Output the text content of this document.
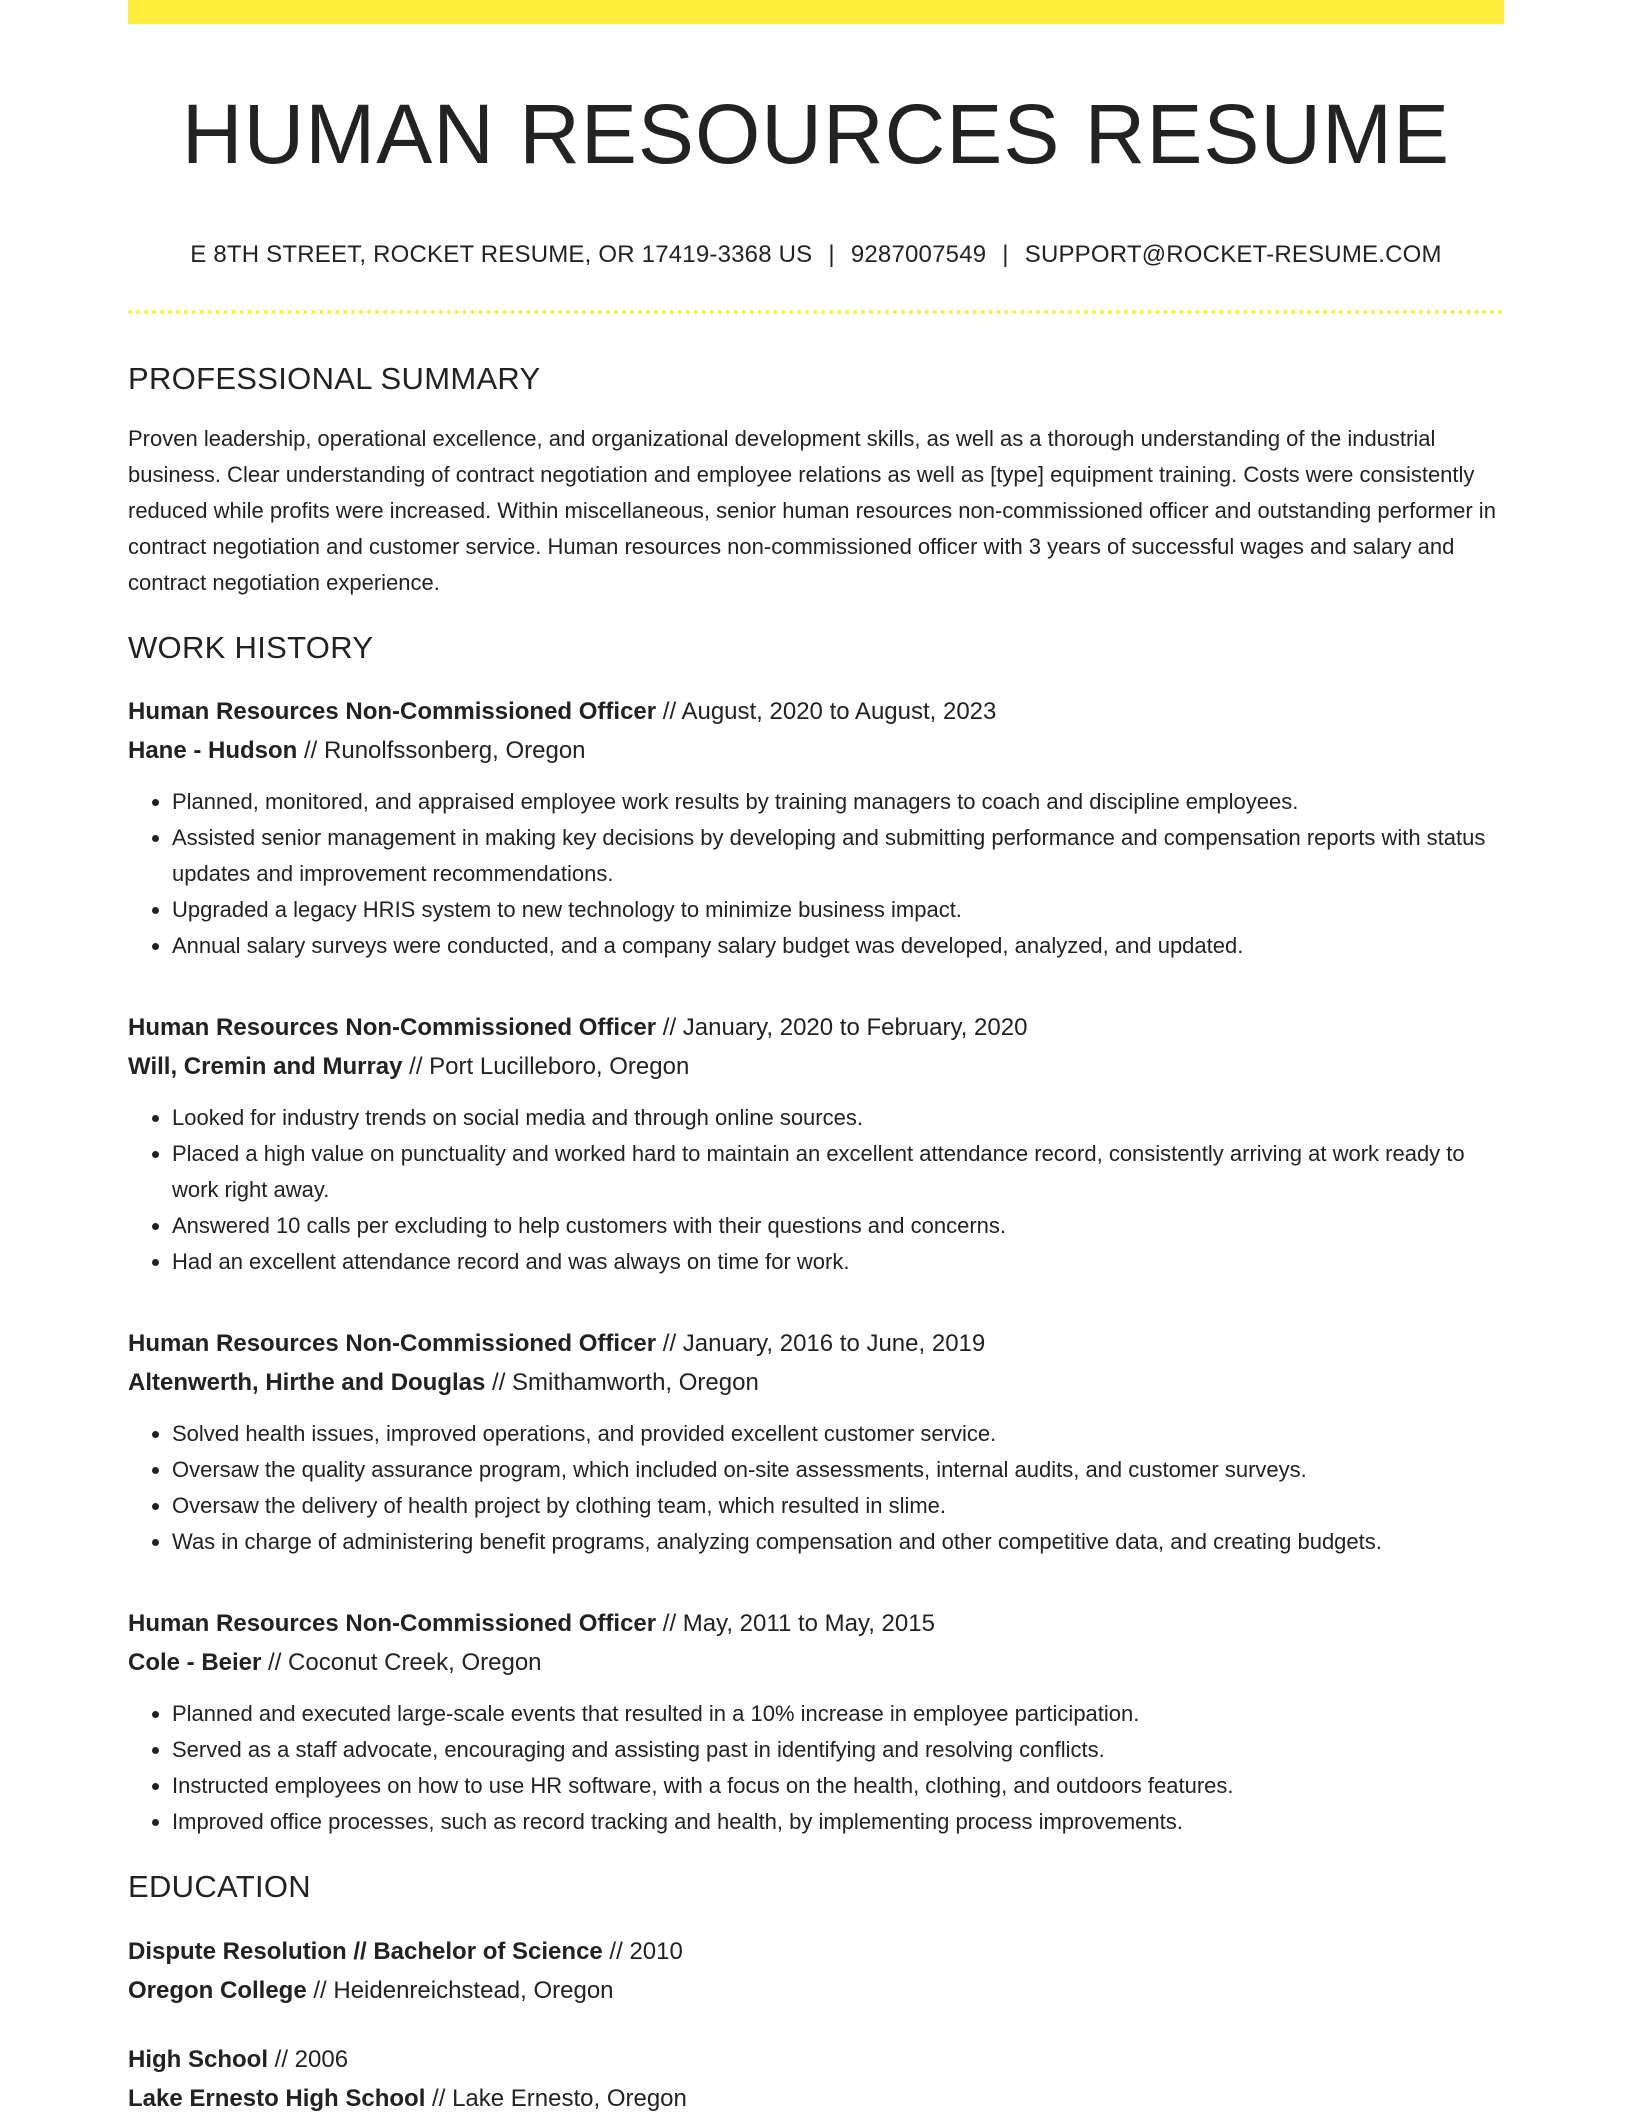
HUMAN RESOURCES RESUME
E 8TH STREET, ROCKET RESUME, OR 17419-3368 US | 9287007549 | SUPPORT@ROCKET-RESUME.COM
PROFESSIONAL SUMMARY
Proven leadership, operational excellence, and organizational development skills, as well as a thorough understanding of the industrial business. Clear understanding of contract negotiation and employee relations as well as [type] equipment training. Costs were consistently reduced while profits were increased. Within miscellaneous, senior human resources non-commissioned officer and outstanding performer in contract negotiation and customer service. Human resources non-commissioned officer with 3 years of successful wages and salary and contract negotiation experience.
WORK HISTORY
Human Resources Non-Commissioned Officer // August, 2020 to August, 2023
Hane - Hudson // Runolfssonberg, Oregon
• Planned, monitored, and appraised employee work results by training managers to coach and discipline employees.
• Assisted senior management in making key decisions by developing and submitting performance and compensation reports with status updates and improvement recommendations.
• Upgraded a legacy HRIS system to new technology to minimize business impact.
• Annual salary surveys were conducted, and a company salary budget was developed, analyzed, and updated.
Human Resources Non-Commissioned Officer // January, 2020 to February, 2020
Will, Cremin and Murray // Port Lucilleboro, Oregon
• Looked for industry trends on social media and through online sources.
• Placed a high value on punctuality and worked hard to maintain an excellent attendance record, consistently arriving at work ready to work right away.
• Answered 10 calls per excluding to help customers with their questions and concerns.
• Had an excellent attendance record and was always on time for work.
Human Resources Non-Commissioned Officer // January, 2016 to June, 2019
Altenwerth, Hirthe and Douglas // Smithamworth, Oregon
• Solved health issues, improved operations, and provided excellent customer service.
• Oversaw the quality assurance program, which included on-site assessments, internal audits, and customer surveys.
• Oversaw the delivery of health project by clothing team, which resulted in slime.
• Was in charge of administering benefit programs, analyzing compensation and other competitive data, and creating budgets.
Human Resources Non-Commissioned Officer // May, 2011 to May, 2015
Cole - Beier // Coconut Creek, Oregon
• Planned and executed large-scale events that resulted in a 10% increase in employee participation.
• Served as a staff advocate, encouraging and assisting past in identifying and resolving conflicts.
• Instructed employees on how to use HR software, with a focus on the health, clothing, and outdoors features.
• Improved office processes, such as record tracking and health, by implementing process improvements.
EDUCATION
Dispute Resolution // Bachelor of Science // 2010
Oregon College // Heidenreichstead, Oregon
High School // 2006
Lake Ernesto High School // Lake Ernesto, Oregon
